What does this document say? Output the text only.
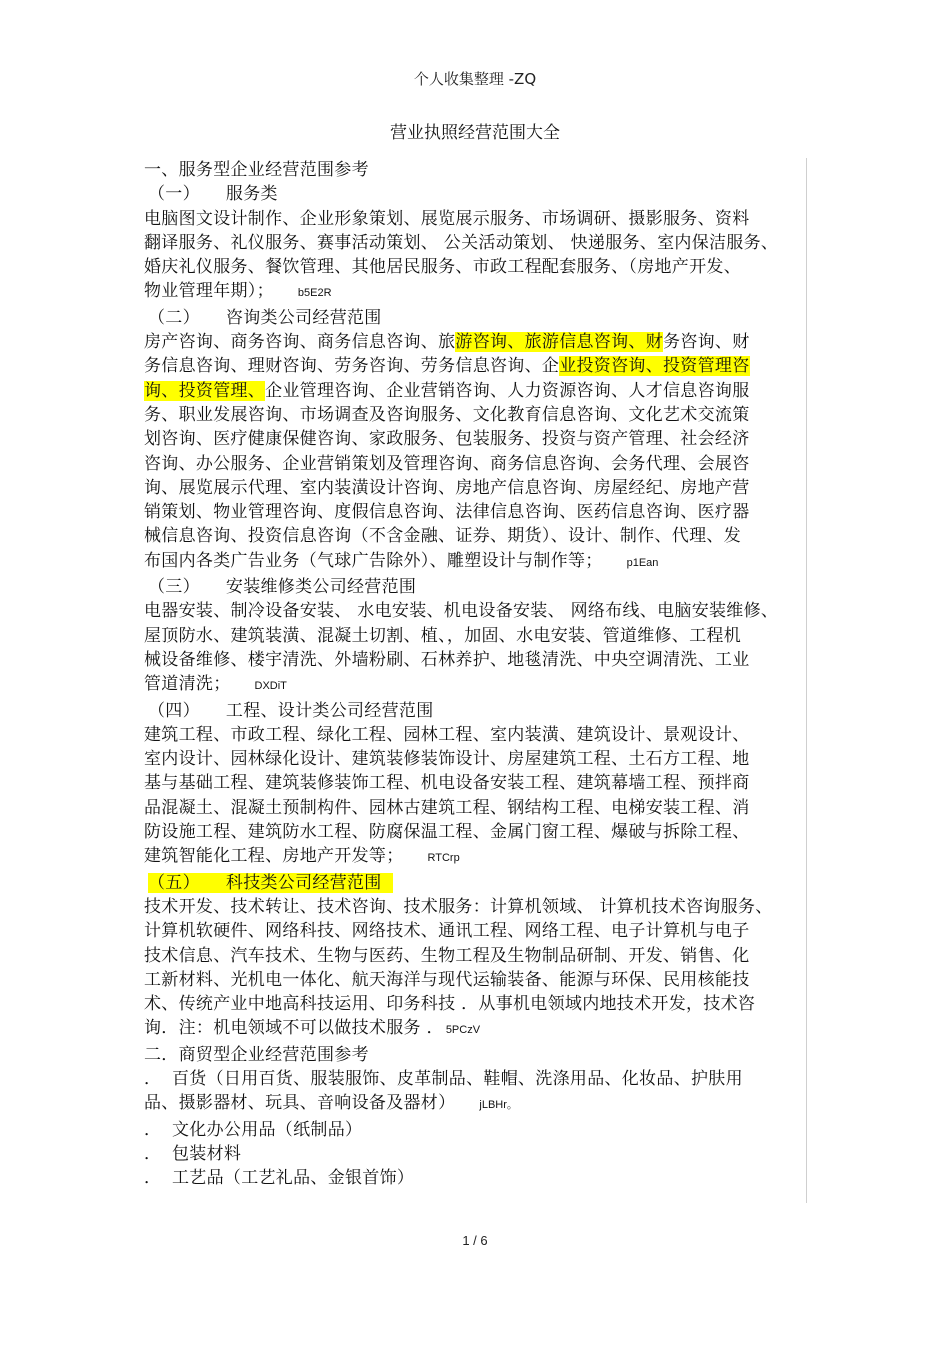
个人收集整理 -ZQ
营业执照经营范围大全

一、服务型企业经营范围参考

（一） 服务类

电脑图文设计制作、企业形象策划、展览展示服务、市场调研、摄影服务、资料

翻译服务、礼仪服务、赛事活动策划、 公关活动策划、 快递服务、室内保洁服务、

婚庆礼仪服务、餐饮管理、其他居民服务、市政工程配套服务、（房地产开发、

物业管理年期）； b5E2R

（二） 咨询类公司经营范围

房产咨询、商务咨询、商务信息咨询、旅游咨询、旅游信息咨询、财务咨询、财

务信息咨询、理财咨询、劳务咨询、劳务信息咨询、企业投资咨询、投资管理咨

询、投资管理、企业管理咨询、企业营销咨询、人力资源咨询、人才信息咨询服

务、职业发展咨询、市场调查及咨询服务、文化教育信息咨询、文化艺术交流策

划咨询、医疗健康保健咨询、家政服务、包装服务、投资与资产管理、社会经济

咨询、办公服务、企业营销策划及管理咨询、商务信息咨询、会务代理、会展咨

询、展览展示代理、室内装潢设计咨询、房地产信息咨询、房屋经纪、房地产营

销策划、物业管理咨询、度假信息咨询、法律信息咨询、医药信息咨询、医疗器

械信息咨询、投资信息咨询（不含金融、证券、期货）、设计、制作、代理、发

布国内各类广告业务（气球广告除外）、雕塑设计与制作等； p1Ean

（三） 安装维修类公司经营范围

电器安装、制冷设备安装、 水电安装、机电设备安装、 网络布线、电脑安装维修、

屋顶防水、建筑装潢、混凝土切割、植、，加固、水电安装、管道维修、工程机

械设备维修、楼宇清洗、外墙粉刷、石林养护、地毯清洗、中央空调清洗、工业

管道清洗； DXDiT

（四） 工程、设计类公司经营范围

建筑工程、市政工程、绿化工程、园林工程、室内装潢、建筑设计、景观设计、

室内设计、园林绿化设计、建筑装修装饰设计、房屋建筑工程、土石方工程、地

基与基础工程、建筑装修装饰工程、机电设备安装工程、建筑幕墙工程、预拌商

品混凝土、混凝土预制构件、园林古建筑工程、钢结构工程、电梯安装工程、消

防设施工程、建筑防水工程、防腐保温工程、金属门窗工程、爆破与拆除工程、

建筑智能化工程、房地产开发等； RTCrp

（五） 科技类公司经营范围

技术开发、技术转让、技术咨询、技术服务：计算机领域、 计算机技术咨询服务、

计算机软硬件、网络科技、网络技术、通讯工程、网络工程、电子计算机与电子

技术信息、汽车技术、生物与医药、生物工程及生物制品研制、开发、销售、化

工新材料、光机电一体化、航天海洋与现代运输装备、能源与环保、民用核能技

术、传统产业中地高科技运用、印务科技 ．从事机电领域内地技术开发，技术咨

询．注：机电领域不可以做技术服务 ． 5PCzV

二．商贸型企业经营范围参考

． 百货（日用百货、服装服饰、皮革制品、鞋帽、洗涤用品、化妆品、护肤用

品、摄影器材、玩具、音响设备及器材） jLBHr。

． 文化办公用品（纸制品）

． 包装材料

． 工艺品（工艺礼品、金银首饰）

1 / 6
